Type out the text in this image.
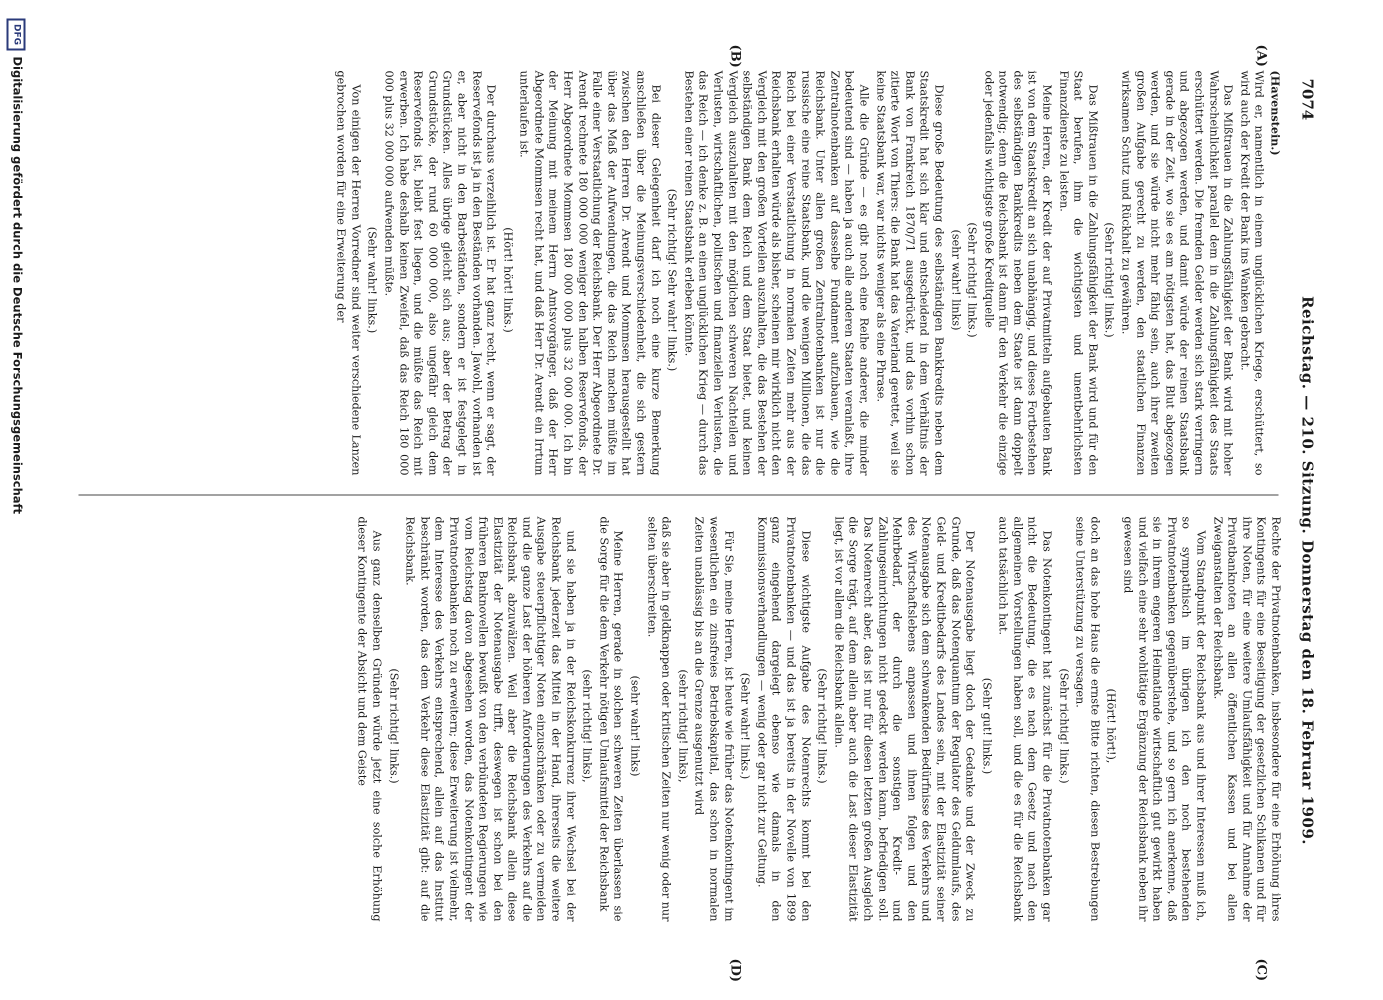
7074
Reichstag. — 210. Sitzung. Donnerstag den 18. Februar 1909.
(A)
(B)
(C)
(D)

(Havenstein.)

Wird er, namentlich in einem unglücklichen Kriege, erschüttert, so wird auch der Kredit der Bank ins Wanken gebracht.

Das Mißtrauen in die Zahlungsfähigkeit der Bank wird mit hoher Wahrscheinlichkeit parallel dem in die Zahlungsfähigkeit des Staats erschüttert werden. Die fremden Gelder werden sich stark verringern und abgezogen werden, und damit würde der reinen Staatsbank gerade in der Zeit, wo sie es am nötigsten hat, das Blut abgezogen werden, und sie würde nicht mehr fähig sein, auch ihrer zweiten großen Aufgabe gerecht zu werden, den staatlichen Finanzen wirksamen Schutz und Rückhalt zu gewähren.

(Sehr richtig! links.)

Das Mißtrauen in die Zahlungsfähigkeit der Bank wird und für den Staat berufen, ihm die wichtigsten und unentbehrlichsten Finanzdienste zu leisten.

Meine Herren, der Kredit der auf Privatmitteln aufgebauten Bank ist von dem Staatskredit an sich unabhängig, und dieses Fortbestehen des selbständigen Bankkredits neben dem Staate ist dann doppelt notwendig; denn die Reichsbank ist dann für den Verkehr die einzige oder jedenfalls wichtigste große Kreditquelle

(Sehr richtig! links.)

(sehr wahr! links)

Diese große Bedeutung des selbständigen Bankkredits neben dem Staatskredit hat sich klar und entscheidend in dem Verhältnis der Bank von Frankreich 1870/71 ausgedrückt, und das vorhin schon zitierte Wort von Thiers: die Bank hat das Vaterland gerettet, weil sie keine Staatsbank war, war nichts weniger als eine Phrase.

Alle die Gründe — es gibt noch eine Reihe anderer, die minder bedeutend sind — haben ja auch alle anderen Staaten veranlaßt, ihre Zentralnotenbanken auf dasselbe Fundament aufzubauen, wie die Reichsbank. Unter allen großen Zentralnotenbanken ist nur die russische eine reine Staatsbank, und die wenigen Millionen, die das Reich bei einer Verstaatlichung in normalen Zeiten mehr aus der Reichsbank erhalten würde als bisher, scheinen mir wirklich nicht den Vergleich mit den großen Vorteilen auszuhalten, die das Bestehen der selbständigen Bank dem Reich und dem Staat bietet, und keinen Vergleich auszuhalten mit den möglichen schweren Nachteilen und Verlusten, wirtschaftlichen, politischen und finanziellen Verlusten, die das Reich — ich denke z. B. an einen unglücklichen Krieg — durch das Bestehen einer reinen Staatsbank erleben könnte.

(Sehr richtig! Sehr wahr! links.)

Bei dieser Gelegenheit darf ich noch eine kurze Bemerkung anschließen über die Meinungsverschiedenheit, die sich gestern zwischen den Herren Dr. Arendt und Mommsen herausgestellt hat über das Maß der Aufwendungen, die das Reich machen müßte im Falle einer Verstaatlichung der Reichsbank. Der Herr Abgeordnete Dr. Arendt rechnete 180 000 000 weniger den halben Reservefonds, der Herr Abgeordnete Mommsen 180 000 000 plus 32 000 000. Ich bin der Meinung mit meinem Herrn Amtsvorgänger, daß der Herr Abgeordnete Mommsen recht hat, und daß Herr Dr. Arendt ein Irrtum unterlaufen ist.

(Hört! hört! links.)

Der durchaus verzeihlich ist. Er hat ganz recht, wenn er sagt, der Reservefonds ist ja in den Beständen vorhanden. Jawohl, vorhanden ist er, aber nicht in den Barbeständen, sondern er ist festgelegt in Grundstücken. Alles übrige gleicht sich aus; aber der Betrag der Grundstücke, der rund 60 000 000, also ungefähr gleich dem Reservefonds ist, bleibt fest liegen, und die müßte das Reich mit erwerben. Ich habe deshalb keinen Zweifel, daß das Reich 180 000 000 plus 32 000 000 aufwenden müßte.

(Sehr wahr! links.)

Von einigen der Herren Vorredner sind weiter verschiedene Lanzen gebrochen worden für eine Erweiterung der

Rechte der Privatnotenbanken, insbesondere für eine Erhöhung ihres Kontingents für eine Beseitigung der gesetzlichen Schikanen und für ihre Noten, für eine weitere Umlaufsfähigkeit und für Annahme der Privatbanknoten an allen öffentlichen Kassen und bei allen Zweiganstalten der Reichsbank.

Vom Standpunkt der Reichsbank aus und ihrer Interessen muß ich, so sympathisch im übrigen ich den noch bestehenden Privatnotenbanken gegenüberstehe, und so gern ich anerkenne, daß sie in ihrem engeren Heimatlande wirtschaftlich gut gewirkt haben und vielfach eine sehr wohltätige Ergänzung der Reichsbank neben ihr gewesen sind

(Hört! hört!),

doch an das hohe Haus die ernste Bitte richten, diesen Bestrebungen seine Unterstützung zu versagen.

(Sehr richtig! links.)

Das Notenkontingent hat zunächst für die Privatnotenbanken gar nicht die Bedeutung, die es nach dem Gesetz und nach den allgemeinen Vorstellungen haben soll, und die es für die Reichsbank auch tatsächlich hat.

(Sehr gut! links.)

Der Notenausgabe liegt doch der Gedanke und der Zweck zu Grunde, daß das Notenquantum der Regulator des Geldumlaufs, des Geld- und Kreditbedarfs des Landes sein, mit der Elastizität seiner Notenausgabe sich dem schwankenden Bedürfnisse des Verkehrs und des Wirtschaftslebens anpassen und ihnen folgen und den Mehrbedarf, der durch die sonstigen Kredit- und Zahlungseinrichtungen nicht gedeckt werden kann, befriedigen soll. Das Notenrecht aber, das ist nur für diesen letzten großen Ausgleich die Sorge trägt, auf dem allein aber auch die Last dieser Elastizität liegt, ist vor allem die Reichsbank allein.

(Sehr richtig! links.)

Diese wichtigste Aufgabe des Notenrechts kommt bei den Privatnotenbanken — und das ist ja bereits in der Novelle von 1899 ganz eingehend dargelegt ebenso wie damals in den Kommissionsverhandlungen — wenig oder gar nicht zur Geltung.

(Sehr wahr! links.)

Für Sie, meine Herren, ist heute wie früher das Notenkontingent im wesentlichen ein zinsfreies Betriebskapital, das schon in normalen Zeiten unablässig bis an die Grenze ausgenutzt wird

(sehr richtig! links),

daß sie aber in geldknappen oder kritischen Zeiten nur wenig oder nur selten überschreiten.

(sehr wahr! links)

Meine Herren, gerade in solchen schweren Zeiten überlassen sie die Sorge für die dem Verkehr nötigen Umlaufsmittel der Reichsbank

(sehr richtig! links),

und sie haben ja in der Reichskonkurrenz ihrer Wechsel bei der Reichsbank jederzeit das Mittel in der Hand, ihrerseits die weitere Ausgabe steuerpflichtiger Noten einzuschränken oder zu vermeiden und die ganze Last der höheren Anforderungen des Verkehrs auf die Reichsbank abzuwälzen. Weil aber die Reichsbank allein diese Elastizität der Notenausgabe trifft, deswegen ist schon bei den früheren Banknovellen bewußt von den verbündeten Regierungen wie vom Reichstag davon abgesehen worden, das Notenkontingent der Privatnotenbanken noch zu erweitern; diese Erweiterung ist vielmehr, dem Interesse des Verkehrs entsprechend, allein auf das Institut beschränkt worden, das dem Verkehr diese Elastizität gibt: auf die Reichsbank.

(Sehr richtig! links.)

Aus ganz denselben Gründen würde jetzt eine solche Erhöhung dieser Kontingente der Absicht und dem Geiste

DFG
Digitalisierung gefördert durch die Deutsche Forschungsgemeinschaft
